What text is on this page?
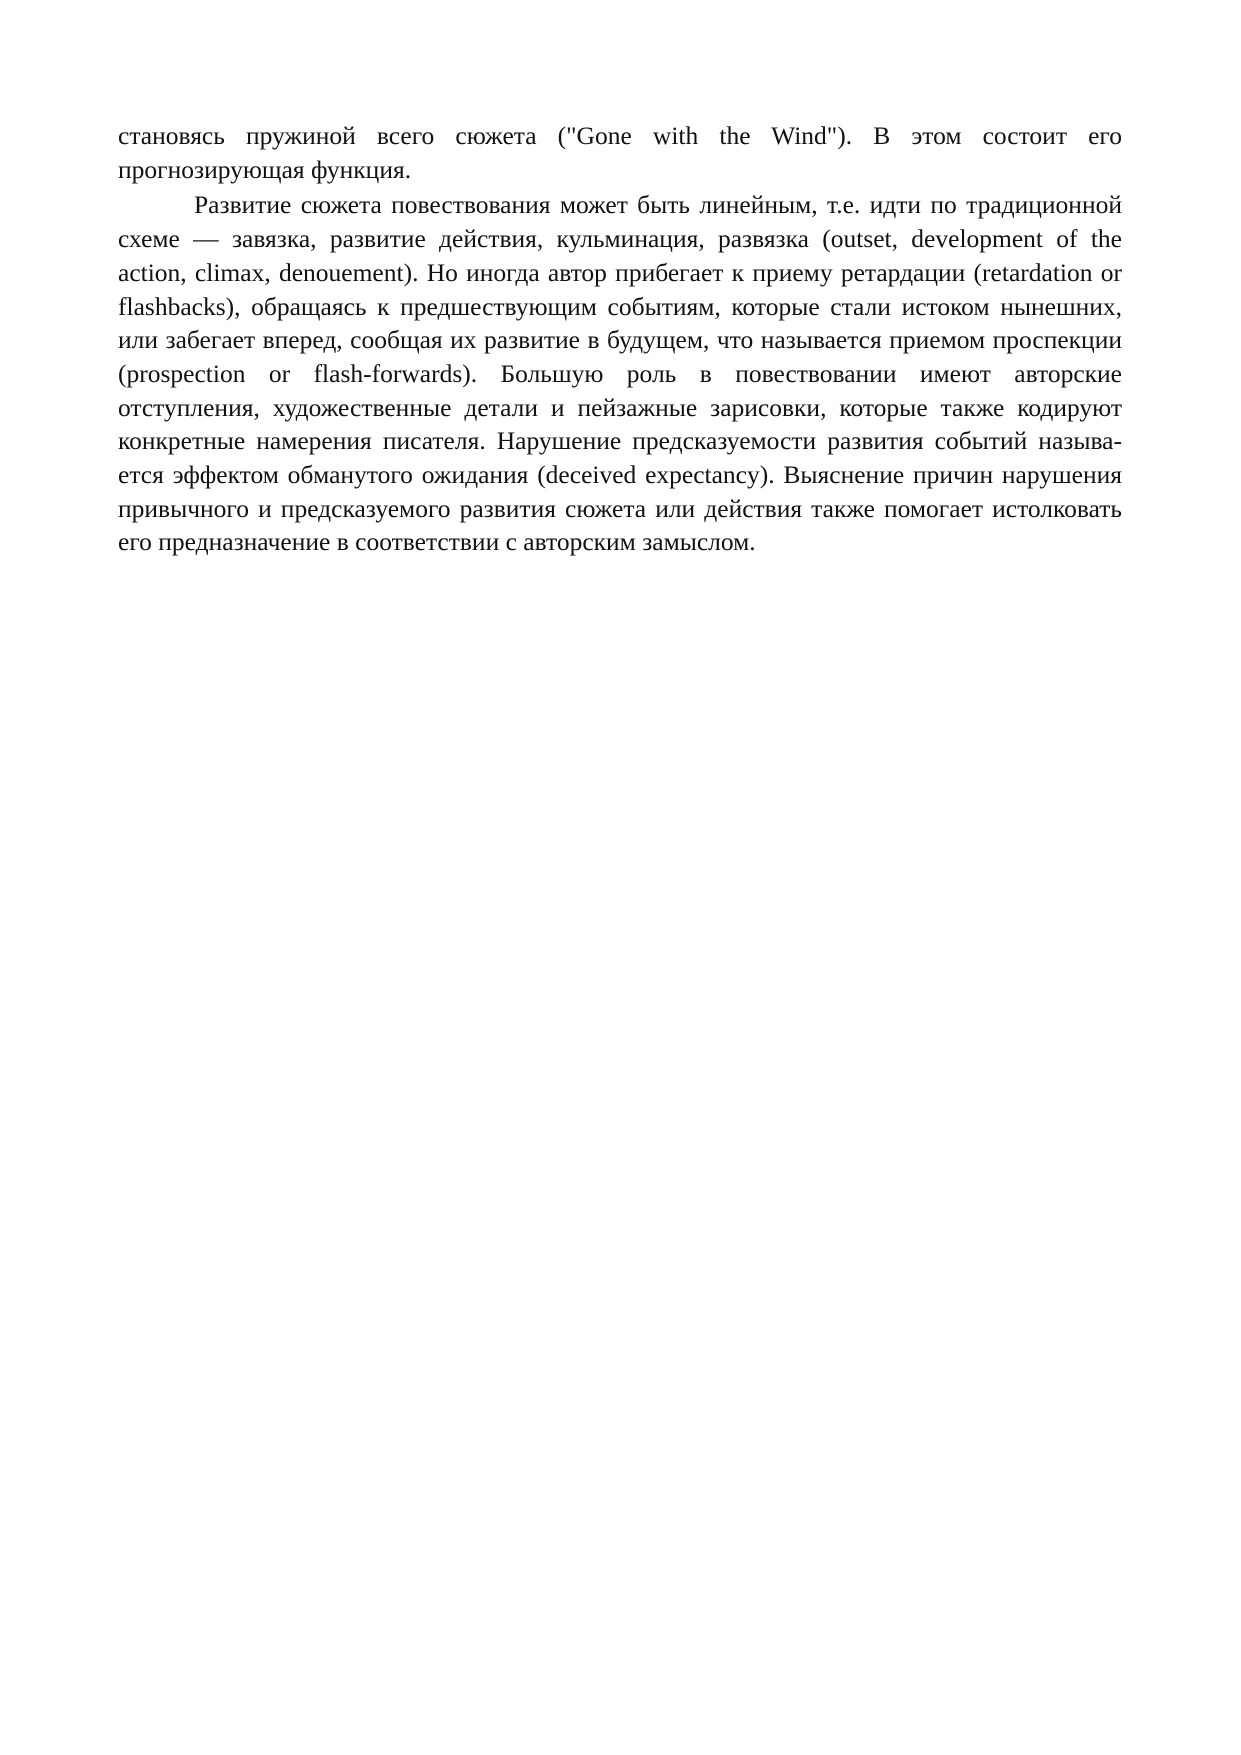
становясь пружиной всего сюжета ("Gone with the Wind"). В этом состоит его прогнозирующая функция.

Развитие сюжета повествования может быть линейным, т.е. идти по традиционной схеме — завязка, развитие действия, кульминация, развязка (outset, development of the action, climax, denouement). Но иногда автор прибегает к приему ретардации (retardation or flashbacks), обращаясь к предшествующим событиям, которые стали истоком нынешних, или забегает вперед, сообщая их развитие в будущем, что называется приемом проспекции (prospection or flash-forwards). Большую роль в повествовании имеют авторские отступления, художественные детали и пейзажные зарисовки, которые также кодируют конкретные намерения писателя. Нарушение предсказуемости развития событий называется эффектом обманутого ожидания (deceived expectancy). Выяснение причин нарушения привычного и предсказуемого развития сюжета или действия также помогает истолковать его предназначение в соответствии с авторским замыслом.
